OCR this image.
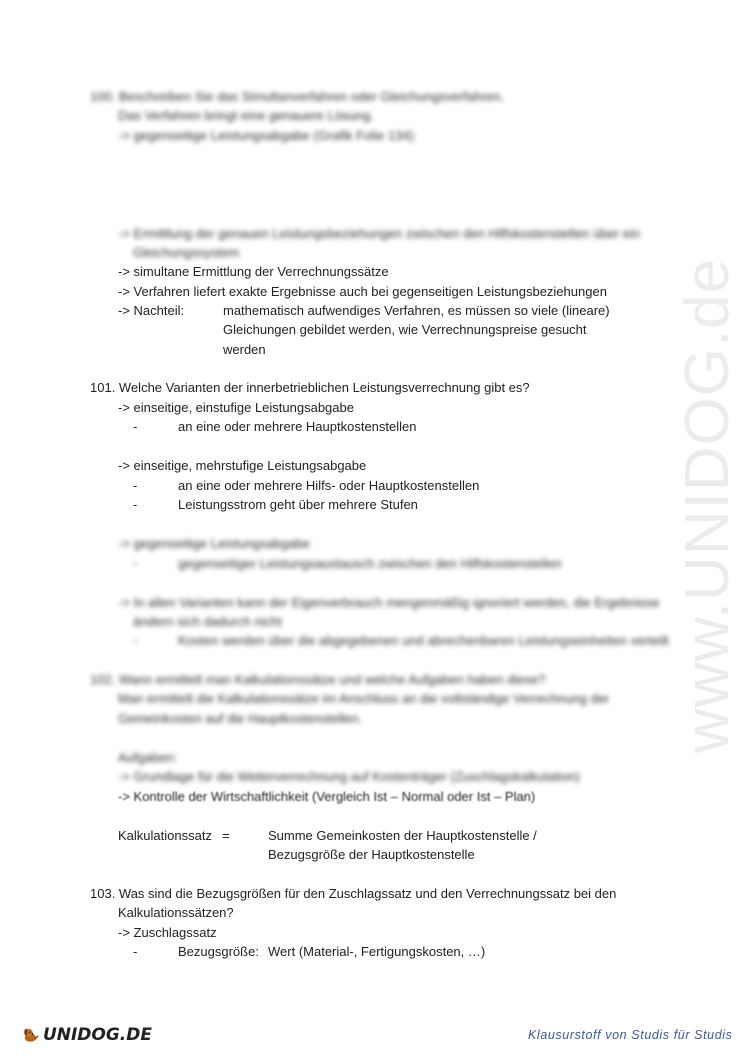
www.UNIDOG.de
100. Beschreiben Sie das Simultanverfahren oder Gleichungsverfahren.
Das Verfahren bringt eine genauere Lösung.
-> gegenseitige Leistungsabgabe (Grafik Folie 134)
-> Ermittlung der genauen Leistungsbeziehungen zwischen den Hilfskostenstellen über ein
Gleichungssystem
-> simultane Ermittlung der Verrechnungssätze
-> Verfahren liefert exakte Ergebnisse auch bei gegenseitigen Leistungsbeziehungen
-> Nachteil:	mathematisch aufwendiges Verfahren, es müssen so viele (lineare)
Gleichungen gebildet werden, wie Verrechnungspreise gesucht
werden
101. Welche Varianten der innerbetrieblichen Leistungsverrechnung gibt es?
-> einseitige, einstufige Leistungsabgabe
-	an eine oder mehrere Hauptkostenstellen
-> einseitige, mehrstufige Leistungsabgabe
-	an eine oder mehrere Hilfs- oder Hauptkostenstellen
-	Leistungsstrom geht über mehrere Stufen
-> gegenseitige Leistungsabgabe
-	gegenseitiger Leistungsaustausch zwischen den Hilfskostenstellen
-> In allen Varianten kann der Eigenverbrauch mengenmäßig ignoriert werden, die Ergebnisse
ändern sich dadurch nicht
-	Kosten werden über die abgegebenen und abrechenbaren Leistungseinheiten verteilt
102. Wann ermittelt man Kalkulationssätze und welche Aufgaben haben diese?
Man ermittelt die Kalkulationssätze im Anschluss an die vollständige Verrechnung der
Gemeinkosten auf die Hauptkostenstellen.
Aufgaben:
-> Grundlage für die Weiterverrechnung auf Kostenträger (Zuschlagskalkulation)
-> Kontrolle der Wirtschaftlichkeit (Vergleich Ist – Normal oder Ist – Plan)
Kalkulationssatz =	Summe Gemeinkosten der Hauptkostenstelle /
Bezugsgröße der Hauptkostenstelle
103. Was sind die Bezugsgrößen für den Zuschlagssatz und den Verrechnungssatz bei den
Kalkulationssätzen?
-> Zuschlagssatz
-	Bezugsgröße: Wert (Material-, Fertigungskosten, …)
UNIDOG.DE	Klausurstoff von Studis für Studis
